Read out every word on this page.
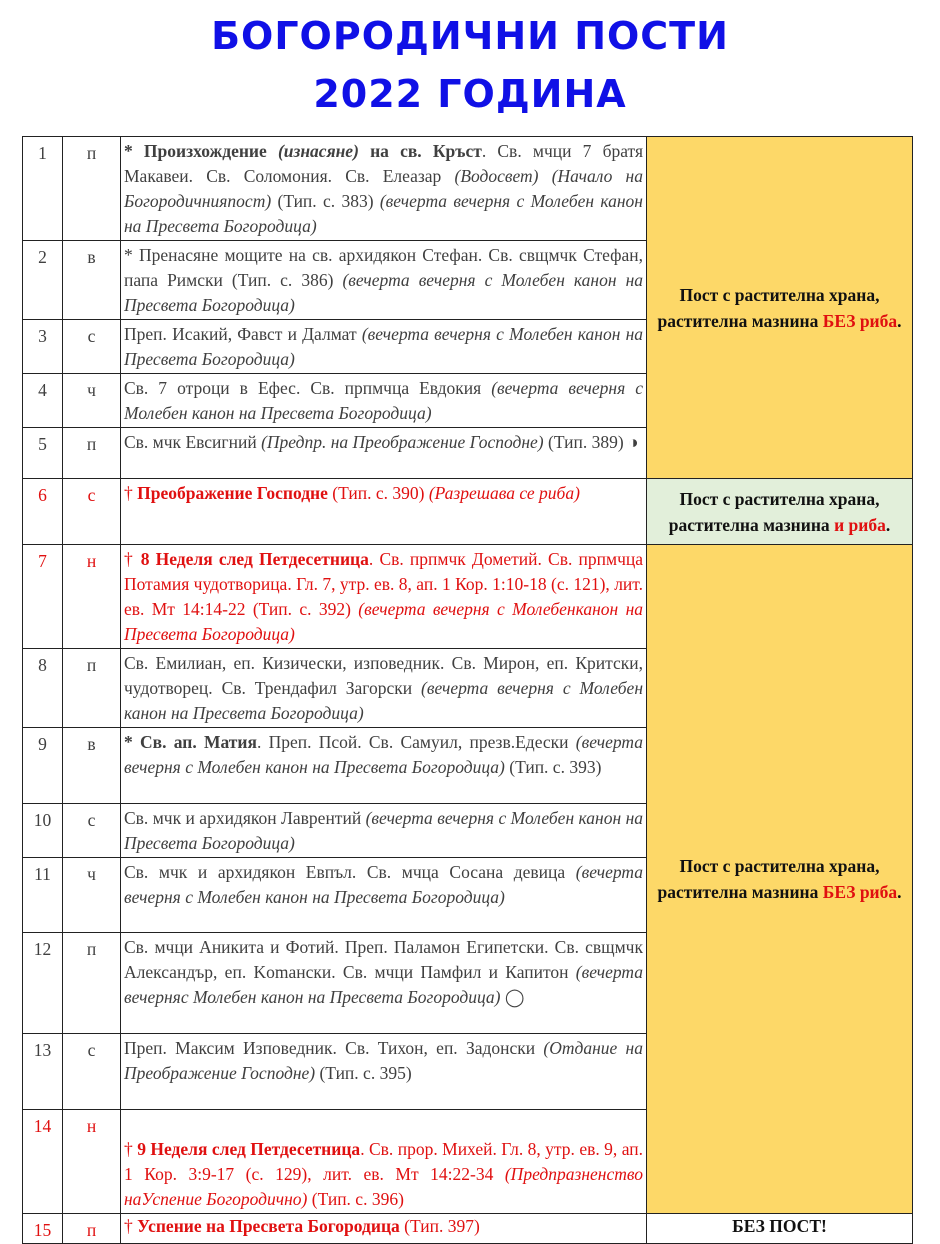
БОГОРОДИЧНИ ПОСТИ
2022 ГОДИНА
1	п	* Произхождение (изнасяне) на св. Кръст. Св. мчци 7 братя Макавеи. Св. Соломония. Св. Елеазар (Водосвет) (Начало на Богородичнияпост) (Тип. с. 383) (вечерта вечерня с Молебен канон на Пресвета Богородица)	Пост с растителна храна, растителна мазнина БЕЗ риба.
2	в	* Пренасяне мощите на св. архидякон Стефан. Св. свщмчк Стефан, папа Римски (Тип. с. 386) (вечерта вечерня с Молебен канон на Пресвета Богородица)	
3	с	Преп. Исакий, Фавст и Далмат (вечерта вечерня с Молебен канон на Пресвета Богородица)	
4	ч	Св. 7 отроци в Ефес. Св. прпмчца Евдокия (вечерта вечерня с Молебен канон на Пресвета Богородица)	
5	п	Св. мчк Евсигний (Предпр. на Преображение Господне) (Тип. 389) ◑	
6	с	† Преображение Господне (Тип. с. 390) (Разрешава се риба)	Пост с растителна храна, растителна мазнина и риба.
7	н	† 8 Неделя след Петдесетница. Св. прпмчк Дометий. Св. прпмчца Потамия чудотворица. Гл. 7, утр. ев. 8, ап. 1 Кор. 1:10-18 (с. 121), лит. ев. Мт 14:14-22 (Тип. с. 392) (вечерта вечерня с Молебенканон на Пресвета Богородица)	Пост с растителна храна, растителна мазнина БЕЗ риба.
8	п	Св. Емилиан, еп. Кизически, изповедник. Св. Мирон, еп. Критски, чудотворец. Св. Трендафил Загорски (вечерта вечерня с Молебен канон на Пресвета Богородица)	
9	в	* Св. ап. Матия. Преп. Псой. Св. Самуил, презв.Едески (вечерта вечерня с Молебен канон на Пресвета Богородица) (Тип. с. 393)	
10	с	Св. мчк и архидякон Лаврентий (вечерта вечерня с Молебен канон на Пресвета Богородица)	
11	ч	Св. мчк и архидякон Евпъл. Св. мчца Сосана девица (вечерта вечерня с Молебен канон на Пресвета Богородица)	
12	п	Св. мчци Аникита и Фотий. Преп. Паламон Египетски. Св. свщмчк Александър, еп. Komански. Св. мчци Памфил и Капитон (вечерта вечерняс Молебен канон на Пресвета Богородица) ◯	
13	с	Преп. Максим Изповедник. Св. Тихон, еп. Задонски (Отдание на Преображение Господне) (Тип. с. 395)	
14	н	† 9 Неделя след Петдесетница. Св. прор. Михей. Гл. 8, утр. ев. 9, ап. 1 Кор. 3:9-17 (с. 129), лит. ев. Мт 14:22-34 (Предпразненство наУспение Богородично) (Тип. с. 396)	
15	п	† Успение на Пресвета Богородица (Тип. 397)	БЕЗ ПОСТ!
